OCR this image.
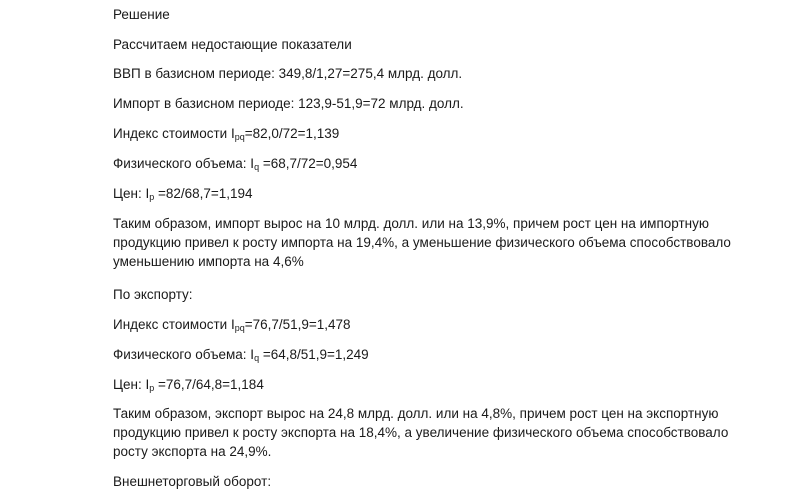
Решение

Рассчитаем недостающие показатели

ВВП в базисном периоде: 349,8/1,27=275,4 млрд. долл.

Импорт в базисном периоде: 123,9-51,9=72 млрд. долл.

Индекс стоимости $I_{pq}=82,0/72=1,139$

Физического объема: $I_q =68,7/72=0,954$

Цен: $I_p =82/68,7=1,194$

Таким образом, импорт вырос на 10 млрд. долл. или на 13,9%, причем рост цен на импортную
продукцию привел к росту импорта на 19,4%, а уменьшение физического объема способствовало
уменьшению импорта на 4,6%

По экспорту:

Индекс стоимости $I_{pq}=76,7/51,9=1,478$

Физического объема: $I_q =64,8/51,9=1,249$

Цен: $I_p =76,7/64,8=1,184$

Таким образом, экспорт вырос на 24,8 млрд. долл. или на 4,8%, причем рост цен на экспортную
продукцию привел к росту экспорта на 18,4%, а увеличение физического объема способствовало
росту экспорта на 24,9%.

Внешнеторговый оборот:
